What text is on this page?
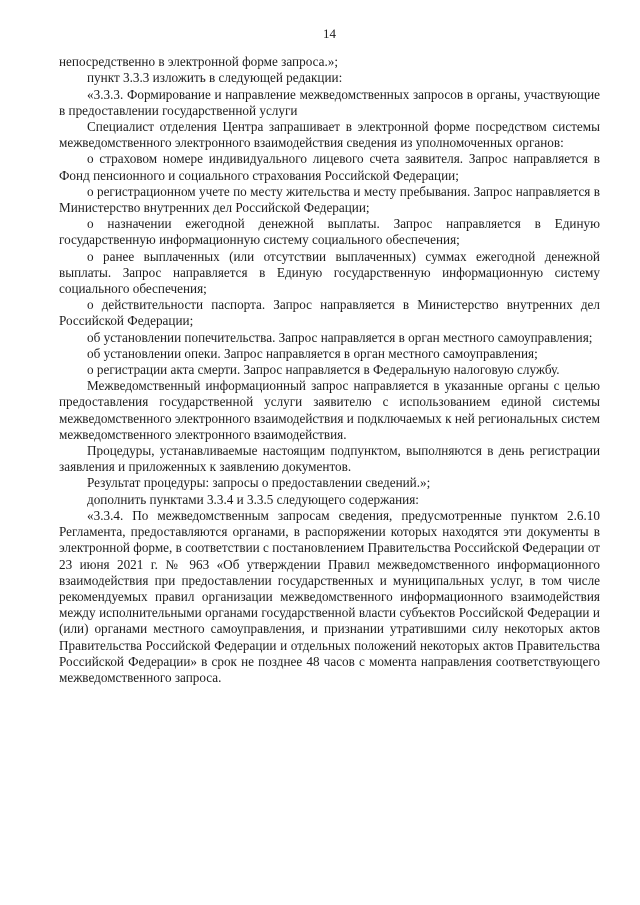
14

непосредственно в электронной форме запроса.»;

пункт 3.3.3 изложить в следующей редакции:

«3.3.3. Формирование и направление межведомственных запросов в органы, участвующие в предоставлении государственной услуги

Специалист отделения Центра запрашивает в электронной форме посредством системы межведомственного электронного взаимодействия сведения из уполномоченных органов:

о страховом номере индивидуального лицевого счета заявителя. Запрос направляется в Фонд пенсионного и социального страхования Российской Федерации;

о регистрационном учете по месту жительства и месту пребывания. Запрос направляется в Министерство внутренних дел Российской Федерации;

о назначении ежегодной денежной выплаты. Запрос направляется в Единую государственную информационную систему социального обеспечения;

о ранее выплаченных (или отсутствии выплаченных) суммах ежегодной денежной выплаты. Запрос направляется в Единую государственную информационную систему социального обеспечения;

о действительности паспорта. Запрос направляется в Министерство внутренних дел Российской Федерации;

об установлении попечительства. Запрос направляется в орган местного самоуправления;

об установлении опеки. Запрос направляется в орган местного самоуправления;

о регистрации акта смерти. Запрос направляется в Федеральную налоговую службу.

Межведомственный информационный запрос направляется в указанные органы с целью предоставления государственной услуги заявителю с использованием единой системы межведомственного электронного взаимодействия и подключаемых к ней региональных систем межведомственного электронного взаимодействия.

Процедуры, устанавливаемые настоящим подпунктом, выполняются в день регистрации заявления и приложенных к заявлению документов.

Результат процедуры: запросы о предоставлении сведений.»;

дополнить пунктами 3.3.4 и 3.3.5 следующего содержания:

«3.3.4. По межведомственным запросам сведения, предусмотренные пунктом 2.6.10 Регламента, предоставляются органами, в распоряжении которых находятся эти документы в электронной форме, в соответствии с постановлением Правительства Российской Федерации от 23 июня 2021 г. № 963 «Об утверждении Правил межведомственного информационного взаимодействия при предоставлении государственных и муниципальных услуг, в том числе рекомендуемых правил организации межведомственного информационного взаимодействия между исполнительными органами государственной власти субъектов Российской Федерации и (или) органами местного самоуправления, и признании утратившими силу некоторых актов Правительства Российской Федерации и отдельных положений некоторых актов Правительства Российской Федерации» в срок не позднее 48 часов с момента направления соответствующего межведомственного запроса.
